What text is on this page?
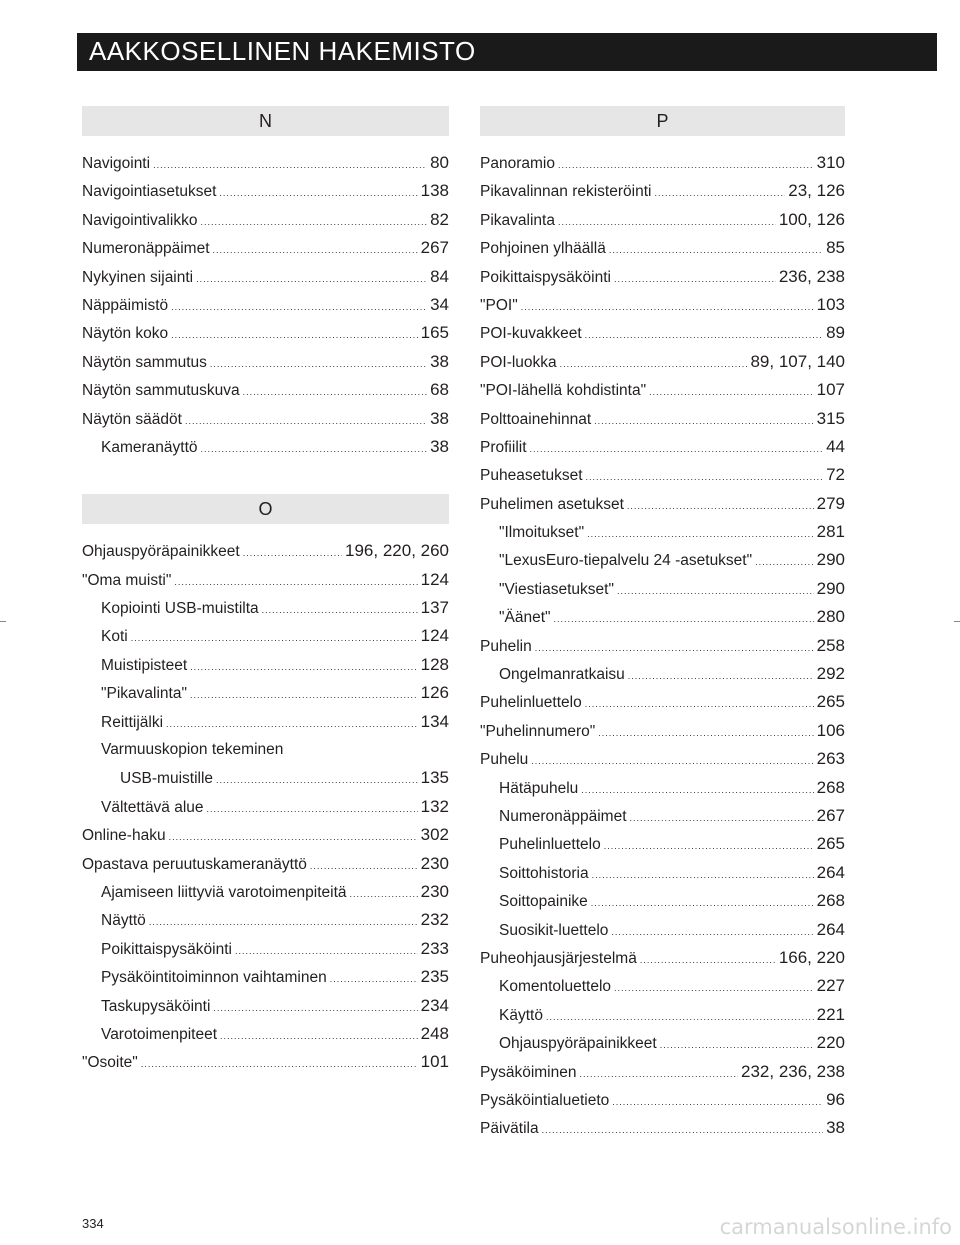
AAKKOSELLINEN HAKEMISTO
N
Navigointi .....	80
Navigointiasetukset .....	138
Navigointivalikko .....	82
Numeronäppäimet .....	267
Nykyinen sijainti .....	84
Näppäimistö .....	34
Näytön koko .....	165
Näytön sammutus .....	38
Näytön sammutuskuva .....	68
Näytön säädöt .....	38
Kameranäyttö .....	38
O
Ohjauspyöräpainikkeet .....	196, 220, 260
"Oma muisti" .....	124
Kopiointi USB-muistilta .....	137
Koti .....	124
Muistipisteet .....	128
"Pikavalinta" .....	126
Reittijälki .....	134
Varmuuskopion tekeminen
USB-muistille .....	135
Vältettävä alue .....	132
Online-haku .....	302
Opastava peruutuskameranäyttö .....	230
Ajamiseen liittyviä varotoimenpiteitä .....	230
Näyttö .....	232
Poikittaispysäköinti .....	233
Pysäköintitoiminnon vaihtaminen .....	235
Taskupysäköinti .....	234
Varotoimenpiteet .....	248
"Osoite" .....	101
P
Panoramio .....	310
Pikavalinnan rekisteröinti .....	23, 126
Pikavalinta .....	100, 126
Pohjoinen ylhäällä .....	85
Poikittaispysäköinti .....	236, 238
"POI" .....	103
POI-kuvakkeet .....	89
POI-luokka .....	89, 107, 140
"POI-lähellä kohdistinta" .....	107
Polttoainehinnat .....	315
Profiilit .....	44
Puheasetukset .....	72
Puhelimen asetukset .....	279
"Ilmoitukset" .....	281
"LexusEuro-tiepalvelu 24 -asetukset" .....	290
"Viestiasetukset" .....	290
"Äänet" .....	280
Puhelin .....	258
Ongelmanratkaisu .....	292
Puhelinluettelo .....	265
"Puhelinnumero" .....	106
Puhelu .....	263
Hätäpuhelu .....	268
Numeronäppäimet .....	267
Puhelinluettelo .....	265
Soittohistoria .....	264
Soittopainike .....	268
Suosikit-luettelo .....	264
Puheohjausjärjestelmä .....	166, 220
Komentoluettelo .....	227
Käyttö .....	221
Ohjauspyöräpainikkeet .....	220
Pysäköiminen .....	232, 236, 238
Pysäköintialuetieto .....	96
Päivätila .....	38
334	carmanualsonline.info
